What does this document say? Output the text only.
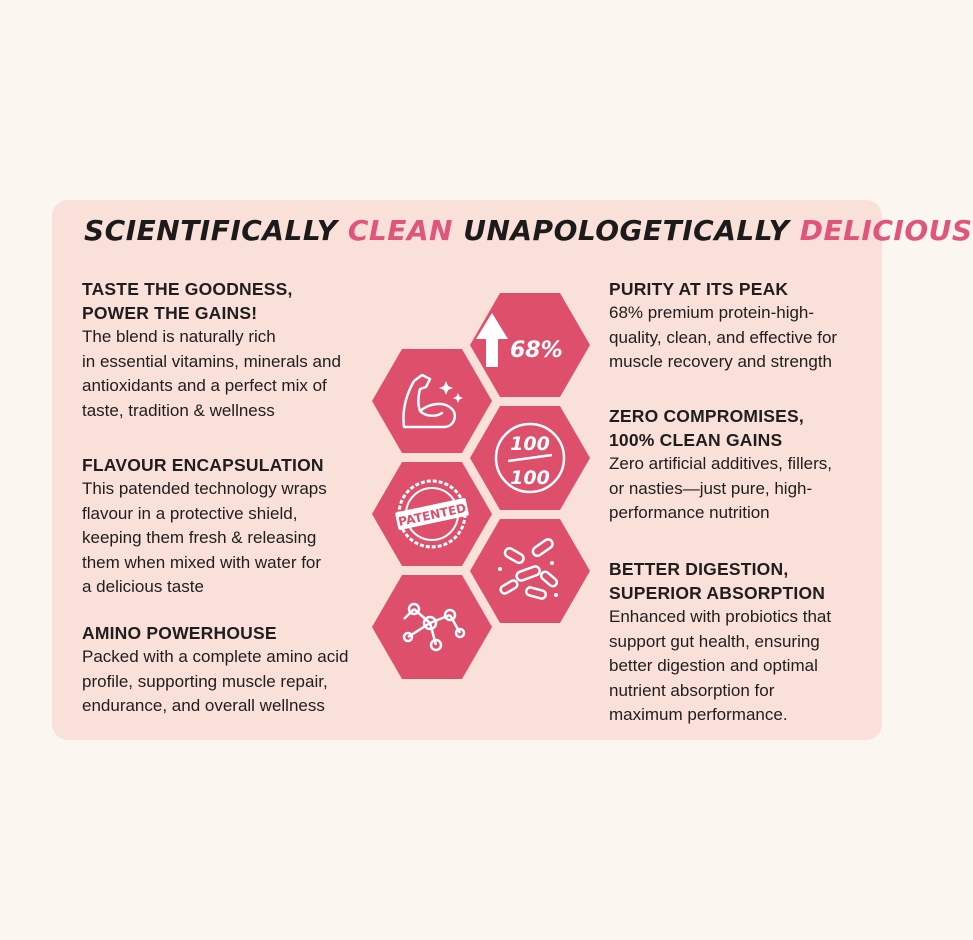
SCIENTIFICALLY CLEAN UNAPOLOGETICALLY DELICIOUS

TASTE THE GOODNESS,
POWER THE GAINS!

The blend is naturally rich
in essential vitamins, minerals and
antioxidants and a perfect mix of
taste, tradition & wellness

FLAVOUR ENCAPSULATION

This patended technology wraps
flavour in a protective shield,
keeping them fresh & releasing
them when mixed with water for
a delicious taste

AMINO POWERHOUSE

Packed with a complete amino acid
profile, supporting muscle repair,
endurance, and overall wellness

PURITY AT ITS PEAK

68% premium protein-high-
quality, clean, and effective for
muscle recovery and strength

ZERO COMPROMISES,
100% CLEAN GAINS

Zero artificial additives, fillers,
or nasties—just pure, high-
performance nutrition

BETTER DIGESTION,
SUPERIOR ABSORPTION

Enhanced with probiotics that
support gut health, ensuring
better digestion and optimal
nutrient absorption for
maximum performance.

68%
100
100
PATENTED
